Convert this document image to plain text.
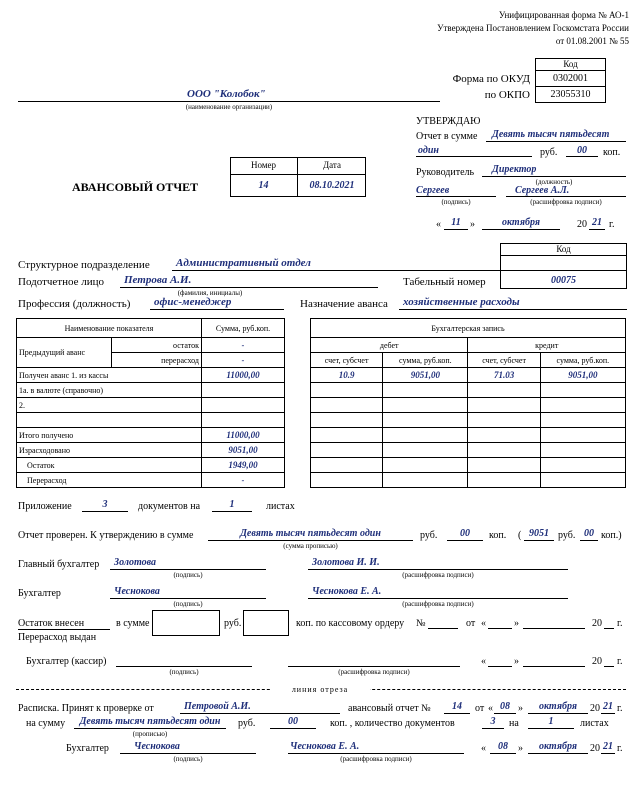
Унифицированная форма № АО-1
Утверждена Постановлением Госкомстата России
от 01.08.2001 № 55
Код
Форма по ОКУД	0302001
по ОКПО	23055310
ООО "Колобок"
(наименование организации)
УТВЕРЖДАЮ
Отчет в сумме Девять тысяч пятьдесят
один	руб.	00	коп.
Руководитель Директор
(должность)
Сергеев
(подпись)
Сергеев А.Л.
(расшифровка подписи)
«	11 »	октября	20 21 г.
АВАНСОВЫЙ ОТЧЕТ
Номер	Дата
14	08.10.2021
Код
Структурное подразделение Административный отдел
Подотчетное лицо Петрова А.И.
(фамилия, инициалы)
Табельный номер	00075
Профессия (должность) офис-менеджер	Назначение аванса хозяйственные расходы
Наименование показателя		Сумма, руб.коп.
Предыдущий аванс	остаток	-
	перерасход	-
Получен аванс 1. из кассы		11000,00
1а. в валюте (справочно)		
2.		

Итого получено		11000,00
Израсходовано		9051,00
Остаток		1949,00
Перерасход		-
Бухгалтерская запись			
дебет		кредит	
счет, субсчет	сумма, руб.коп.	счет, субсчет	сумма, руб.коп.
10.9	9051,00	71.03	9051,00

Приложение	3	документов на	1	листах
Отчет проверен. К утверждению в сумме	Девять тысяч пятьдесят один
(сумма прописью)
руб.	00	коп. ( 9051 руб. 00 коп.)
Главный бухгалтер Золотова
(подпись)
Золотова И. И.
(расшифровка подписи)
Бухгалтер	Чеснокова
(подпись)
Чеснокова Е. А.
(расшифровка подписи)
Остаток внесен
Перерасход выдан
в сумме	руб.	коп. по кассовому ордеру №	от «	»	20 г.
Бухгалтер (кассир)
(подпись)	(расшифровка подписи)
«	»	20 г.
линия отреза
Расписка. Принят к проверке от	Петровой А.И.	авансовый отчет №	14	от « 08 »	октября	20 21 г.
на сумму	Девять тысяч пятьдесят один
(прописью)
руб.	00	коп. , количество документов	3	на	1	листах
Бухгалтер	Чеснокова
(подпись)
Чеснокова Е. А.
(расшифровка подписи)
«	08	»	октября	20 21 г.
